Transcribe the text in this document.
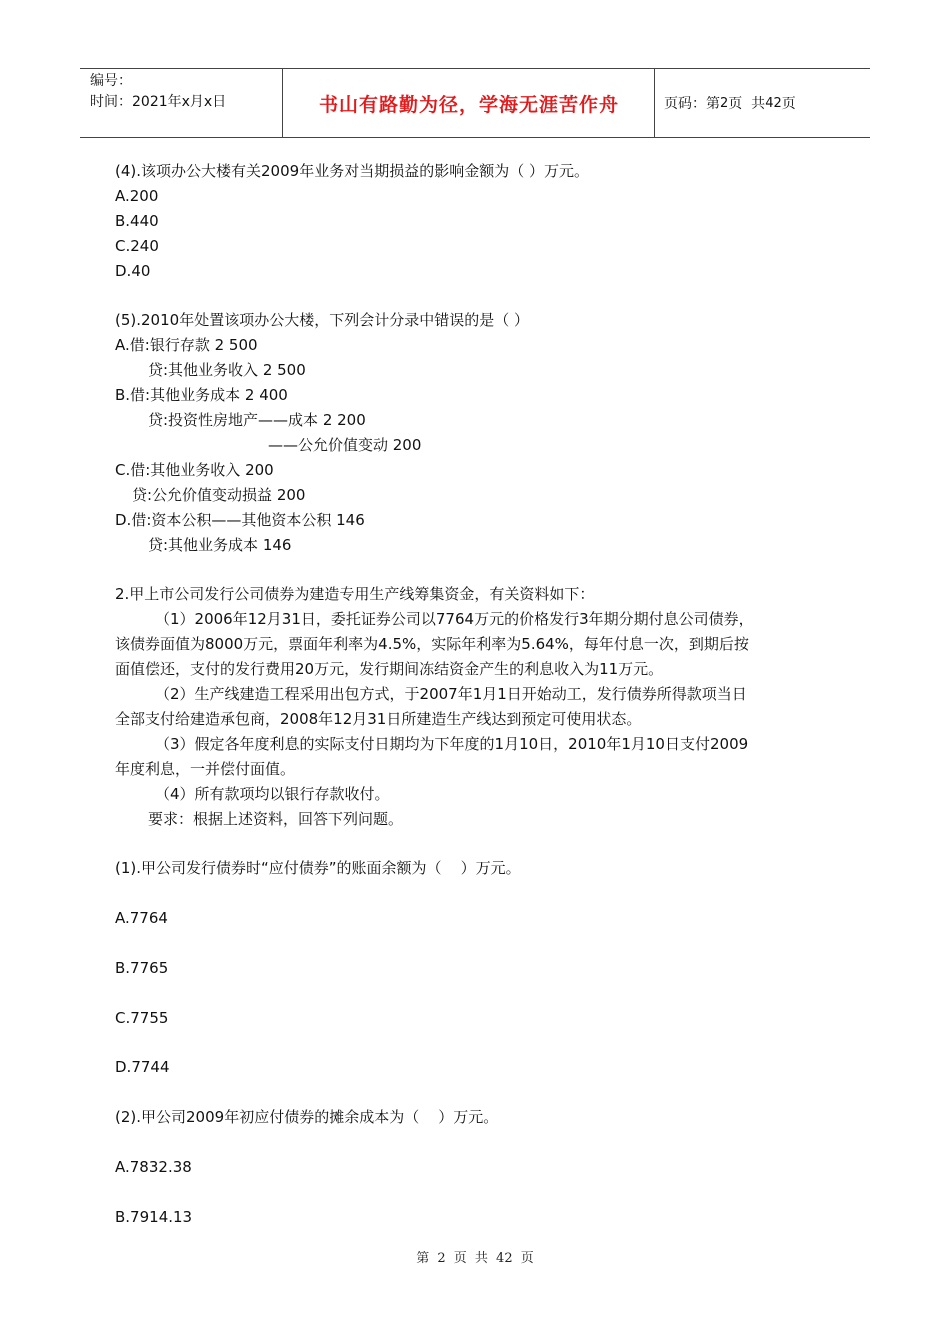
编号：
时间：2021年x月x日	书山有路勤为径，学海无涯苦作舟	页码：第 2 页  共 42 页
(4).该项办公大楼有关2009年业务对当期损益的影响金额为（ ）万元。
A.200
B.440
C.240
D.40
(5).2010年处置该项办公大楼，下列会计分录中错误的是（ ）
A.借:银行存款 2 500
贷:其他业务收入 2 500
B.借:其他业务成本 2 400
贷:投资性房地产——成本 2 200
——公允价值变动 200
C.借:其他业务收入 200
贷:公允价值变动损益 200
D.借:资本公积——其他资本公积 146
贷:其他业务成本 146
2.甲上市公司发行公司债券为建造专用生产线筹集资金，有关资料如下：
（1）2006年12月31日，委托证券公司以7764万元的价格发行3年期分期付息公司债券，
该债券面值为8000万元，票面年利率为4.5%，实际年利率为5.64%，每年付息一次，到期后按
面值偿还，支付的发行费用20万元，发行期间冻结资金产生的利息收入为11万元。
（2）生产线建造工程采用出包方式，于2007年1月1日开始动工，发行债券所得款项当日
全部支付给建造承包商，2008年12月31日所建造生产线达到预定可使用状态。
（3）假定各年度利息的实际支付日期均为下年度的1月10日，2010年1月10日支付2009
年度利息，一并偿付面值。
（4）所有款项均以银行存款收付。
要求：根据上述资料，回答下列问题。
(1).甲公司发行债券时“应付债券”的账面余额为（    ）万元。
A.7764
B.7765
C.7755
D.7744
(2).甲公司2009年初应付债券的摊余成本为（    ）万元。
A.7832.38
B.7914.13
第 2 页 共 42 页
